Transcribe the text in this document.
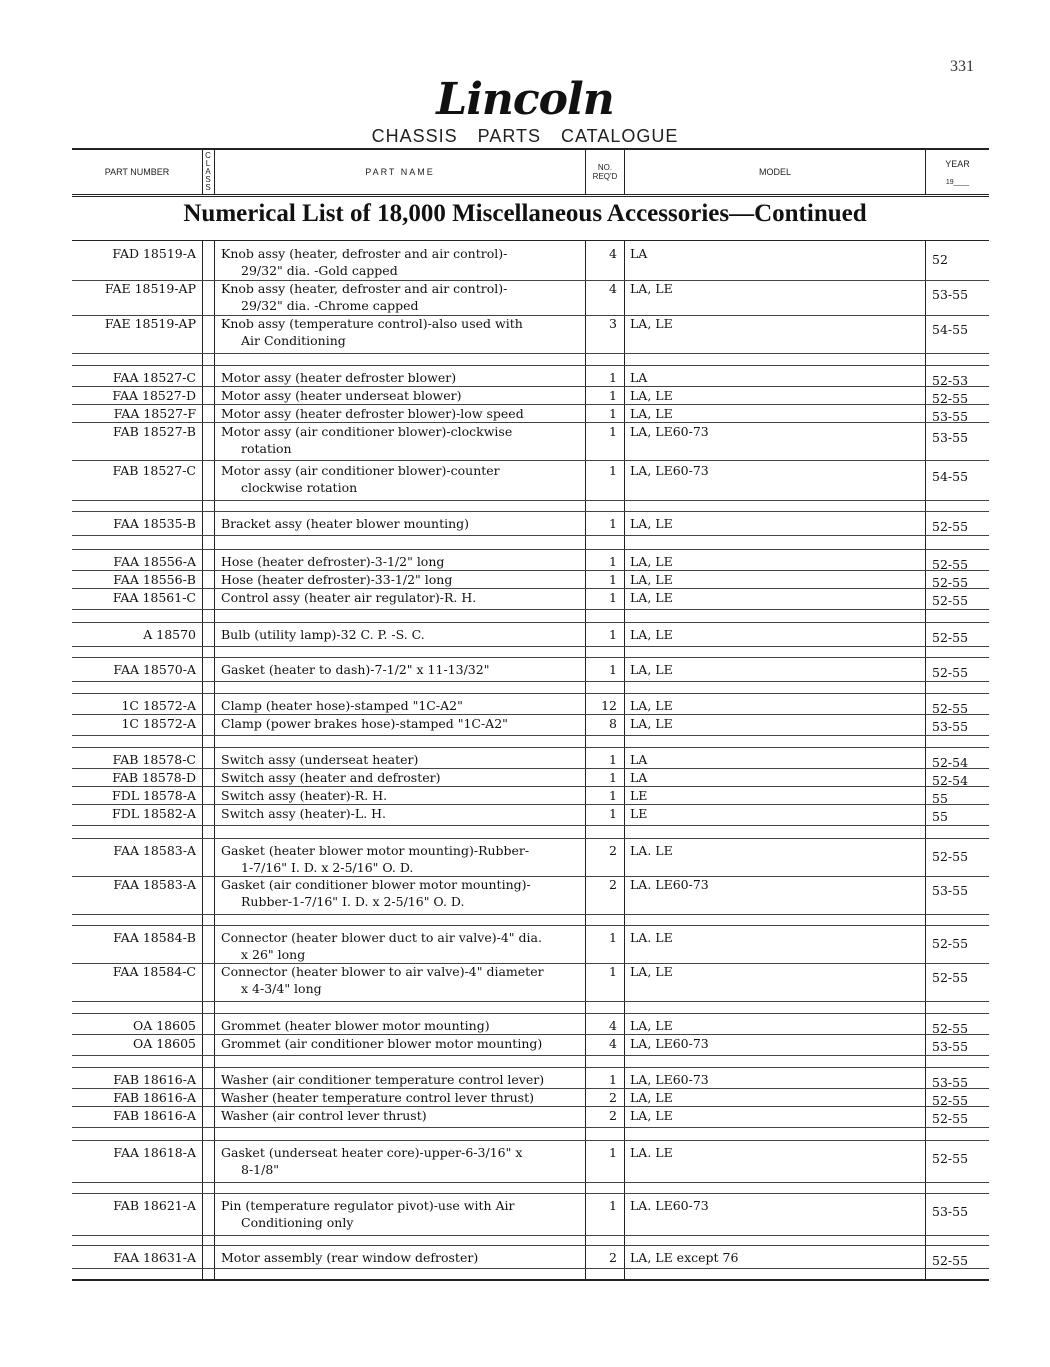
331
Lincoln
CHASSIS PARTS CATALOGUE
PART NUMBER
C
L
A
S
S
PART NAME	NO. REQ'D	MODEL
YEAR
19____
Numerical List of 18,000 Miscellaneous Accessories—Continued
FAD 18519-A Knob assy (heater, defroster and air control)-
29/32" dia. -Gold capped
4 LA	52
FAE 18519-AP Knob assy (heater, defroster and air control)-
29/32" dia. -Chrome capped
4 LA, LE	53-55
FAE 18519-AP Knob assy (temperature control)-also used with
Air Conditioning
3 LA, LE	54-55
FAA 18527-C Motor assy (heater defroster blower)	1 LA	52-53
FAA 18527-D Motor assy (heater underseat blower)	1 LA, LE	52-55
FAA 18527-F Motor assy (heater defroster blower)-low speed	1 LA, LE	53-55
FAB 18527-B Motor assy (air conditioner blower)-clockwise
rotation
1 LA, LE60-73	53-55
FAB 18527-C Motor assy (air conditioner blower)-counter
clockwise rotation
1 LA, LE60-73	54-55
FAA 18535-B Bracket assy (heater blower mounting)	1 LA, LE	52-55
FAA 18556-A Hose (heater defroster)-3-1/2" long	1 LA, LE	52-55
FAA 18556-B Hose (heater defroster)-33-1/2" long	1 LA, LE	52-55
FAA 18561-C Control assy (heater air regulator)-R. H.	1 LA, LE	52-55
A 18570 Bulb (utility lamp)-32 C. P. -S. C.	1 LA, LE	52-55
FAA 18570-A Gasket (heater to dash)-7-1/2" x 11-13/32"	1 LA, LE	52-55
1C 18572-A Clamp (heater hose)-stamped "1C-A2"	12 LA, LE	52-55
1C 18572-A Clamp (power brakes hose)-stamped "1C-A2"	8 LA, LE	53-55
FAB 18578-C Switch assy (underseat heater)	1 LA	52-54
FAB 18578-D Switch assy (heater and defroster)	1 LA	52-54
FDL 18578-A Switch assy (heater)-R. H.	1 LE	55
FDL 18582-A Switch assy (heater)-L. H.	1 LE	55
FAA 18583-A Gasket (heater blower motor mounting)-Rubber-
1-7/16" I. D. x 2-5/16" O. D.
2 LA. LE	52-55
FAA 18583-A Gasket (air conditioner blower motor mounting)-
Rubber-1-7/16" I. D. x 2-5/16" O. D.
2 LA. LE60-73	53-55
FAA 18584-B Connector (heater blower duct to air valve)-4" dia.
x 26" long
1 LA. LE	52-55
FAA 18584-C Connector (heater blower to air valve)-4" diameter
x 4-3/4" long
1 LA, LE	52-55
OA 18605 Grommet (heater blower motor mounting)	4 LA, LE	52-55
OA 18605 Grommet (air conditioner blower motor mounting)	4 LA, LE60-73	53-55
FAB 18616-A Washer (air conditioner temperature control lever)	1 LA, LE60-73	53-55
FAB 18616-A Washer (heater temperature control lever thrust)	2 LA, LE	52-55
FAB 18616-A Washer (air control lever thrust)	2 LA, LE	52-55
FAA 18618-A Gasket (underseat heater core)-upper-6-3/16" x
8-1/8"
1 LA. LE	52-55
FAB 18621-A Pin (temperature regulator pivot)-use with Air
Conditioning only
1 LA. LE60-73	53-55
FAA 18631-A Motor assembly (rear window defroster)	2 LA, LE except 76	52-55
